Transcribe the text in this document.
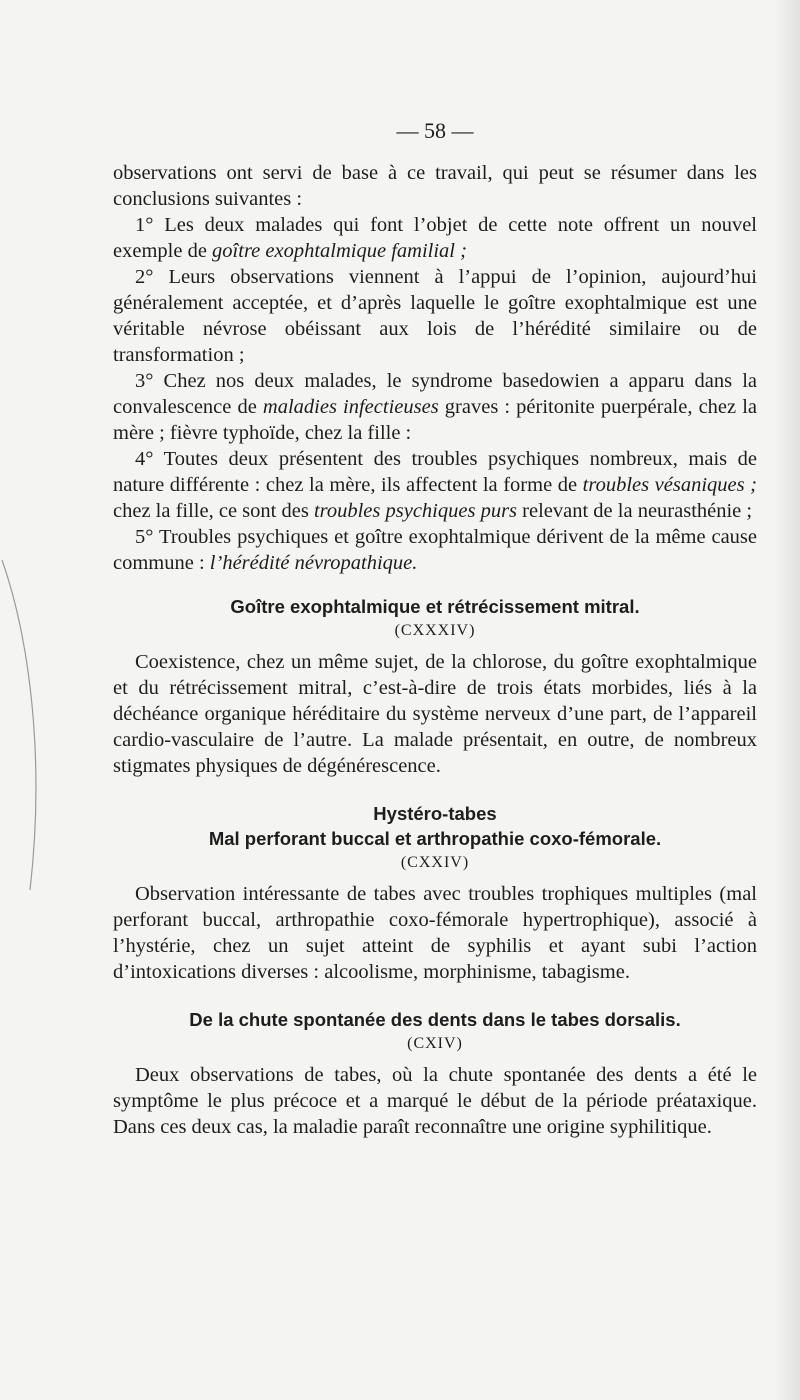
— 58 —

observations ont servi de base à ce travail, qui peut se résumer dans les conclusions suivantes :

1° Les deux malades qui font l’objet de cette note offrent un nouvel exemple de goître exophtalmique familial ;

2° Leurs observations viennent à l’appui de l’opinion, aujourd’hui généralement acceptée, et d’après laquelle le goître exophtalmique est une véritable névrose obéissant aux lois de l’hérédité similaire ou de transformation ;

3° Chez nos deux malades, le syndrome basedowien a apparu dans la convalescence de maladies infectieuses graves : péritonite puerpérale, chez la mère ; fièvre typhoïde, chez la fille :

4° Toutes deux présentent des troubles psychiques nombreux, mais de nature différente : chez la mère, ils affectent la forme de troubles vésaniques ; chez la fille, ce sont des troubles psychiques purs relevant de la neurasthénie ;

5° Troubles psychiques et goître exophtalmique dérivent de la même cause commune : l’hérédité névropathique.

Goître exophtalmique et rétrécissement mitral.
(CXXXIV)

Coexistence, chez un même sujet, de la chlorose, du goître exophtalmique et du rétrécissement mitral, c’est-à-dire de trois états morbides, liés à la déchéance organique héréditaire du système nerveux d’une part, de l’appareil cardio-vasculaire de l’autre. La malade présentait, en outre, de nombreux stigmates physiques de dégénérescence.

Hystéro-tabes
Mal perforant buccal et arthropathie coxo-fémorale.
(CXXIV)

Observation intéressante de tabes avec troubles trophiques multiples (mal perforant buccal, arthropathie coxo-fémorale hypertrophique), associé à l’hystérie, chez un sujet atteint de syphilis et ayant subi l’action d’intoxications diverses : alcoolisme, morphinisme, tabagisme.

De la chute spontanée des dents dans le tabes dorsalis.
(CXIV)

Deux observations de tabes, où la chute spontanée des dents a été le symptôme le plus précoce et a marqué le début de la période préataxique. Dans ces deux cas, la maladie paraît reconnaître une origine syphilitique.
